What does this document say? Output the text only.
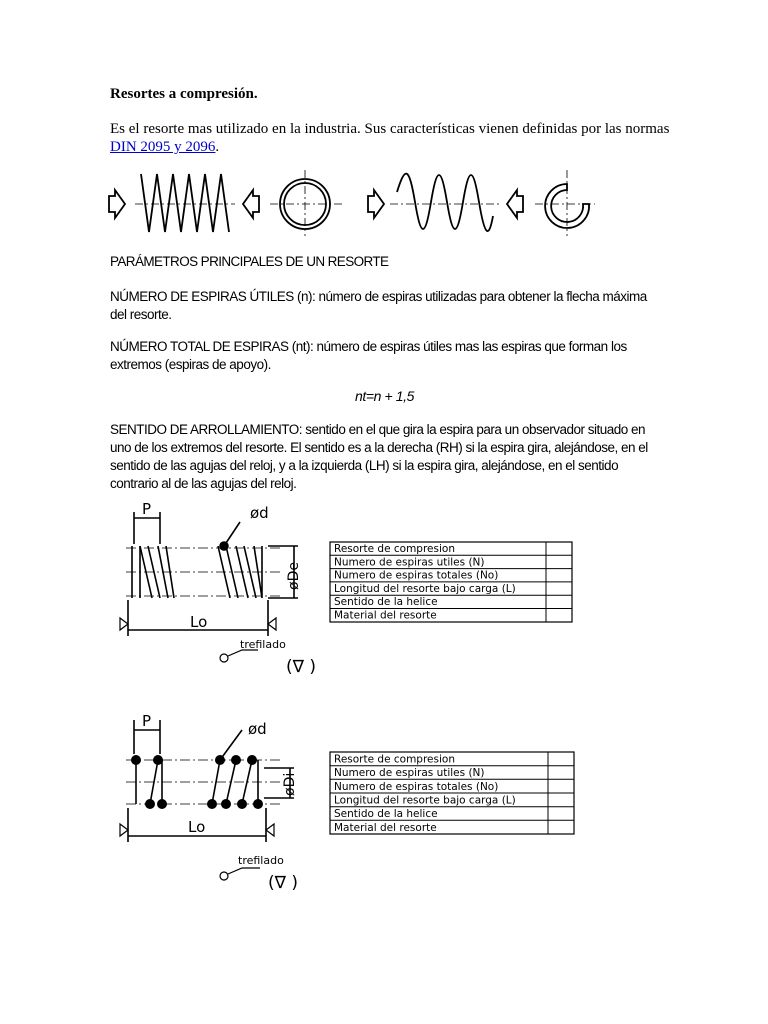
Resortes a compresión.
Es el resorte mas utilizado en la industria. Sus características vienen definidas por las normas DIN 2095 y 2096.
PARÁMETROS PRINCIPALES DE UN RESORTE
NÚMERO DE ESPIRAS ÚTILES (n): número de espiras utilizadas para obtener la flecha máxima del resorte.
NÚMERO TOTAL DE ESPIRAS (nt): número de espiras útiles mas las espiras que forman los extremos (espiras de apoyo).
nt=n + 1,5
SENTIDO DE ARROLLAMIENTO: sentido en el que gira la espira para un observador situado en uno de los extremos del resorte. El sentido es a la derecha (RH) si la espira gira, alejándose, en el sentido de las agujas del reloj, y a la izquierda (LH) si la espira gira, alejándose, en el sentido contrario al de las agujas del reloj.
P	ød
øDe
Lo
trefilado
(∇ )
Resorte de compresion
Numero de espiras utiles (N)
Numero de espiras totales (No)
Longitud del resorte bajo carga (L)
Sentido de la helice
Material del resorte
P	ød
øDi
Lo
trefilado
(∇ )
Resorte de compresion
Numero de espiras utiles (N)
Numero de espiras totales (No)
Longitud del resorte bajo carga (L)
Sentido de la helice
Material del resorte
